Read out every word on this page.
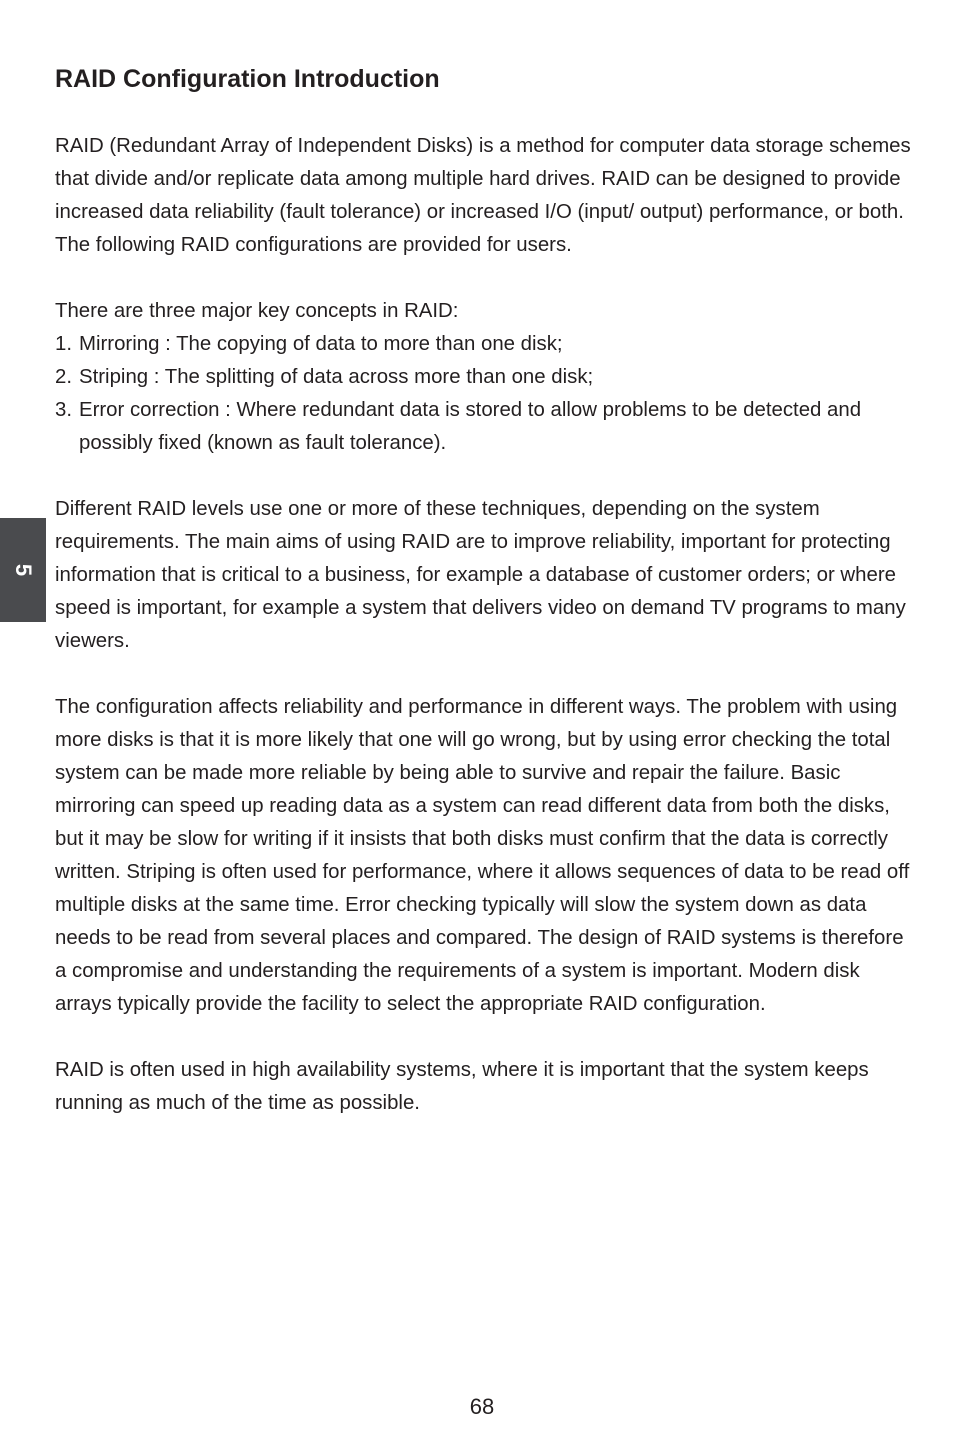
RAID Configuration Introduction

RAID (Redundant Array of Independent Disks) is a method for computer data storage schemes that divide and/or replicate data among multiple hard drives. RAID can be designed to provide increased data reliability (fault tolerance) or increased I/O (input/ output) performance, or both. The following RAID configurations are provided for users.

There are three major key concepts in RAID:

1. Mirroring : The copying of data to more than one disk;
2. Striping : The splitting of data across more than one disk;
3. Error correction : Where redundant data is stored to allow problems to be detected and possibly fixed (known as fault tolerance).

Different RAID levels use one or more of these techniques, depending on the system requirements. The main aims of using RAID are to improve reliability, important for protecting information that is critical to a business, for example a database of customer orders; or where speed is important, for example a system that delivers video on demand TV programs to many viewers.

The configuration affects reliability and performance in different ways. The problem with using more disks is that it is more likely that one will go wrong, but by using error checking the total system can be made more reliable by being able to survive and repair the failure. Basic mirroring can speed up reading data as a system can read different data from both the disks, but it may be slow for writing if it insists that both disks must confirm that the data is correctly written. Striping is often used for performance, where it allows sequences of data to be read off multiple disks at the same time. Error checking typically will slow the system down as data needs to be read from several places and compared. The design of RAID systems is therefore a compromise and understanding the requirements of a system is important. Modern disk arrays typically provide the facility to select the appropriate RAID configuration.

RAID is often used in high availability systems, where it is important that the system keeps running as much of the time as possible.

5
68
